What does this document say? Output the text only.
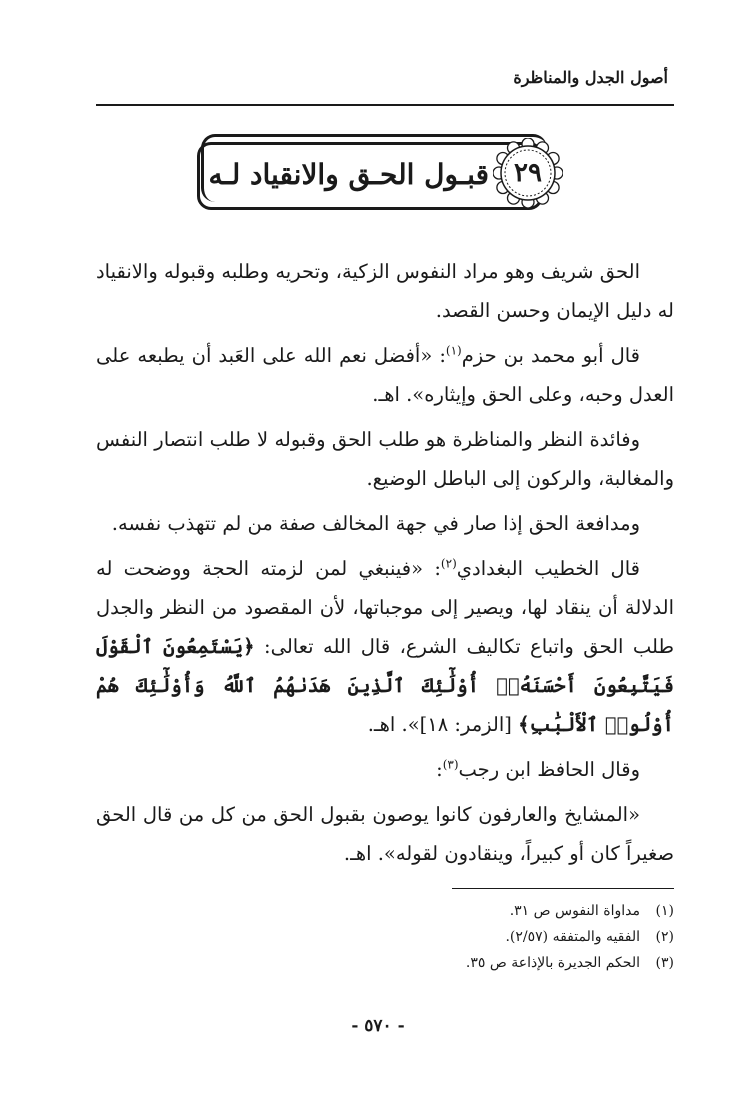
أصول الجدل والمناظرة
قبـول الحـق والانقياد لـه ٢٩

الحق شريف وهو مراد النفوس الزكية، وتحريه وطلبه وقبوله والانقياد له دليل الإيمان وحسن القصد.

قال أبو محمد بن حزم$^{(١)}$: «أفضل نعم الله على العَبد أن يطبعه على العدل وحبه، وعلى الحق وإيثاره». اهـ.

وفائدة النظر والمناظرة هو طلب الحق وقبوله لا طلب انتصار النفس والمغالبة، والركون إلى الباطل الوضيع.

ومدافعة الحق إذا صار في جهة المخالف صفة من لم تتهذب نفسه.

قال الخطيب البغدادي$^{(٢)}$: «فينبغي لمن لزمته الحجة ووضحت له الدلالة أن ينقاد لها، ويصير إلى موجباتها، لأن المقصود من النظر والجدل طلب الحق واتباع تكاليف الشرع، قال الله تعالى: ﴿يَسْتَمِعُونَ ٱلْقَوْلَ فَيَتَّبِعُونَ أَحْسَنَهُۥٓ أُوْلَٰٓئِكَ ٱلَّذِينَ هَدَىٰهُمُ ٱللَّهُ وَأُوْلَٰٓئِكَ هُمْ أُوْلُوا۟ ٱلْأَلْبَٰبِ﴾ [الزمر: ١٨]». اهـ.

وقال الحافظ ابن رجب$^{(٣)}$:

«المشايخ والعارفون كانوا يوصون بقبول الحق من كل من قال الحق صغيراً كان أو كبيراً، وينقادون لقوله». اهـ.

(١)مداواة النفوس ص ٣١.
(٢)الفقيه والمتفقه (٢/٥٧).
(٣)الحكم الجديرة بالإذاعة ص ٣٥.
- ٥٧٠ -
